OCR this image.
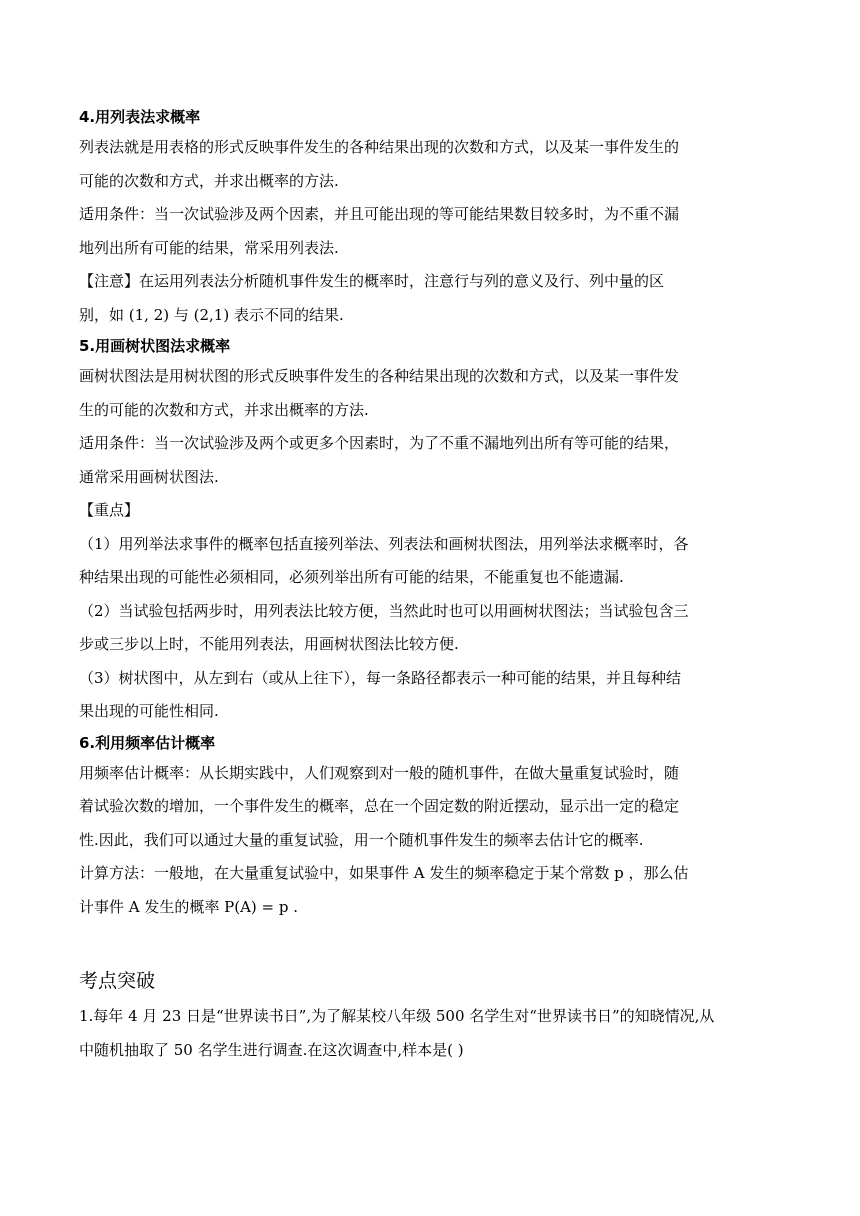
4.用列表法求概率
列表法就是用表格的形式反映事件发生的各种结果出现的次数和方式，以及某一事件发生的
可能的次数和方式，并求出概率的方法.
适用条件：当一次试验涉及两个因素，并且可能出现的等可能结果数目较多时，为不重不漏
地列出所有可能的结果，常采用列表法.
【注意】在运用列表法分析随机事件发生的概率时，注意行与列的意义及行、列中量的区
别，如 (1, 2) 与 (2,1) 表示不同的结果.
5.用画树状图法求概率
画树状图法是用树状图的形式反映事件发生的各种结果出现的次数和方式，以及某一事件发
生的可能的次数和方式，并求出概率的方法.
适用条件：当一次试验涉及两个或更多个因素时，为了不重不漏地列出所有等可能的结果，
通常采用画树状图法.
【重点】
（1）用列举法求事件的概率包括直接列举法、列表法和画树状图法，用列举法求概率时，各
种结果出现的可能性必须相同，必须列举出所有可能的结果，不能重复也不能遗漏.
（2）当试验包括两步时，用列表法比较方便，当然此时也可以用画树状图法；当试验包含三
步或三步以上时，不能用列表法，用画树状图法比较方便.
（3）树状图中，从左到右（或从上往下），每一条路径都表示一种可能的结果，并且每种结
果出现的可能性相同.
6.利用频率估计概率
用频率估计概率：从长期实践中，人们观察到对一般的随机事件，在做大量重复试验时，随
着试验次数的增加，一个事件发生的概率，总在一个固定数的附近摆动，显示出一定的稳定
性.因此，我们可以通过大量的重复试验，用一个随机事件发生的频率去估计它的概率.
计算方法：一般地，在大量重复试验中，如果事件 A 发生的频率稳定于某个常数 p ，那么估
计事件 A 发生的概率 P(A) = p .
考点突破
1.每年 4 月 23 日是“世界读书日”,为了解某校八年级 500 名学生对“世界读书日”的知晓情况,从
中随机抽取了 50 名学生进行调查.在这次调查中,样本是( )
